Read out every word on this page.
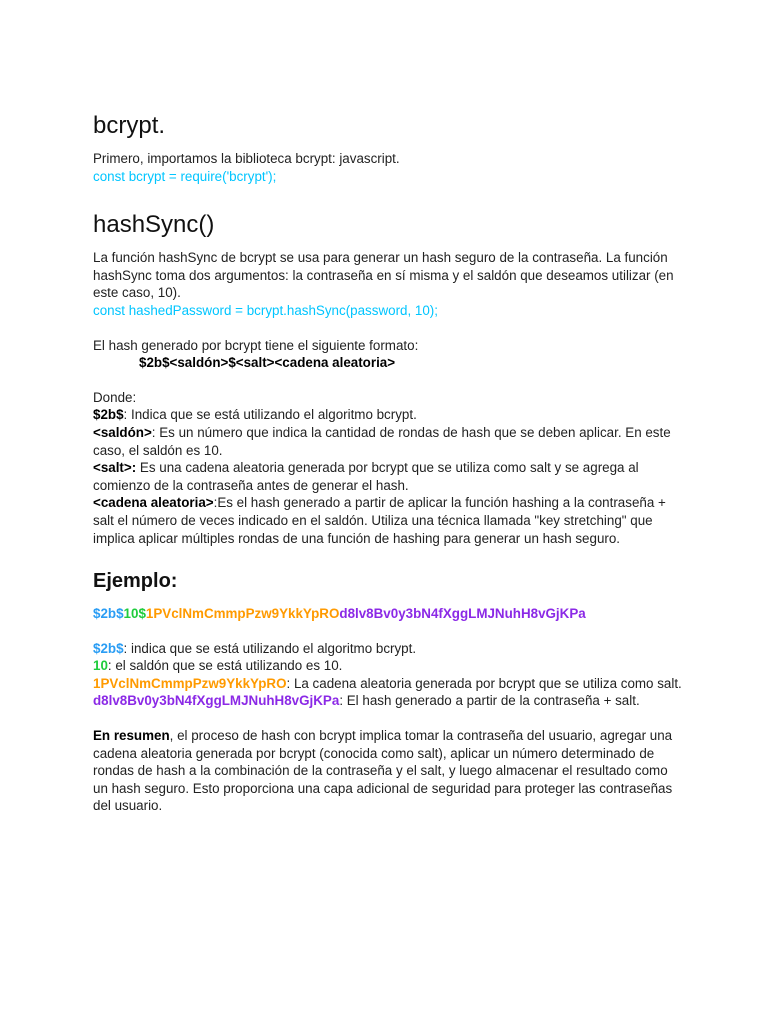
bcrypt.

Primero, importamos la biblioteca bcrypt: javascript.

const bcrypt = require('bcrypt');

hashSync()

La función hashSync de bcrypt se usa para generar un hash seguro de la contraseña. La función hashSync toma dos argumentos: la contraseña en sí misma y el saldón que deseamos utilizar (en este caso, 10).

const hashedPassword = bcrypt.hashSync(password, 10);

El hash generado por bcrypt tiene el siguiente formato:

$2b$<saldón>$<salt><cadena aleatoria>

Donde:

$2b$: Indica que se está utilizando el algoritmo bcrypt.

<saldón>: Es un número que indica la cantidad de rondas de hash que se deben aplicar. En este caso, el saldón es 10.

<salt>: Es una cadena aleatoria generada por bcrypt que se utiliza como salt y se agrega al comienzo de la contraseña antes de generar el hash.

<cadena aleatoria>:Es el hash generado a partir de aplicar la función hashing a la contraseña + salt el número de veces indicado en el saldón. Utiliza una técnica llamada "key stretching" que implica aplicar múltiples rondas de una función de hashing para generar un hash seguro.

Ejemplo:

$2b$10$1PVclNmCmmpPzw9YkkYpROd8lv8Bv0y3bN4fXggLMJNuhH8vGjKPa

$2b$: indica que se está utilizando el algoritmo bcrypt.

10: el saldón que se está utilizando es 10.

1PVclNmCmmpPzw9YkkYpRO: La cadena aleatoria generada por bcrypt que se utiliza como salt.

d8lv8Bv0y3bN4fXggLMJNuhH8vGjKPa: El hash generado a partir de la contraseña + salt.

En resumen, el proceso de hash con bcrypt implica tomar la contraseña del usuario, agregar una cadena aleatoria generada por bcrypt (conocida como salt), aplicar un número determinado de rondas de hash a la combinación de la contraseña y el salt, y luego almacenar el resultado como un hash seguro. Esto proporciona una capa adicional de seguridad para proteger las contraseñas del usuario.
